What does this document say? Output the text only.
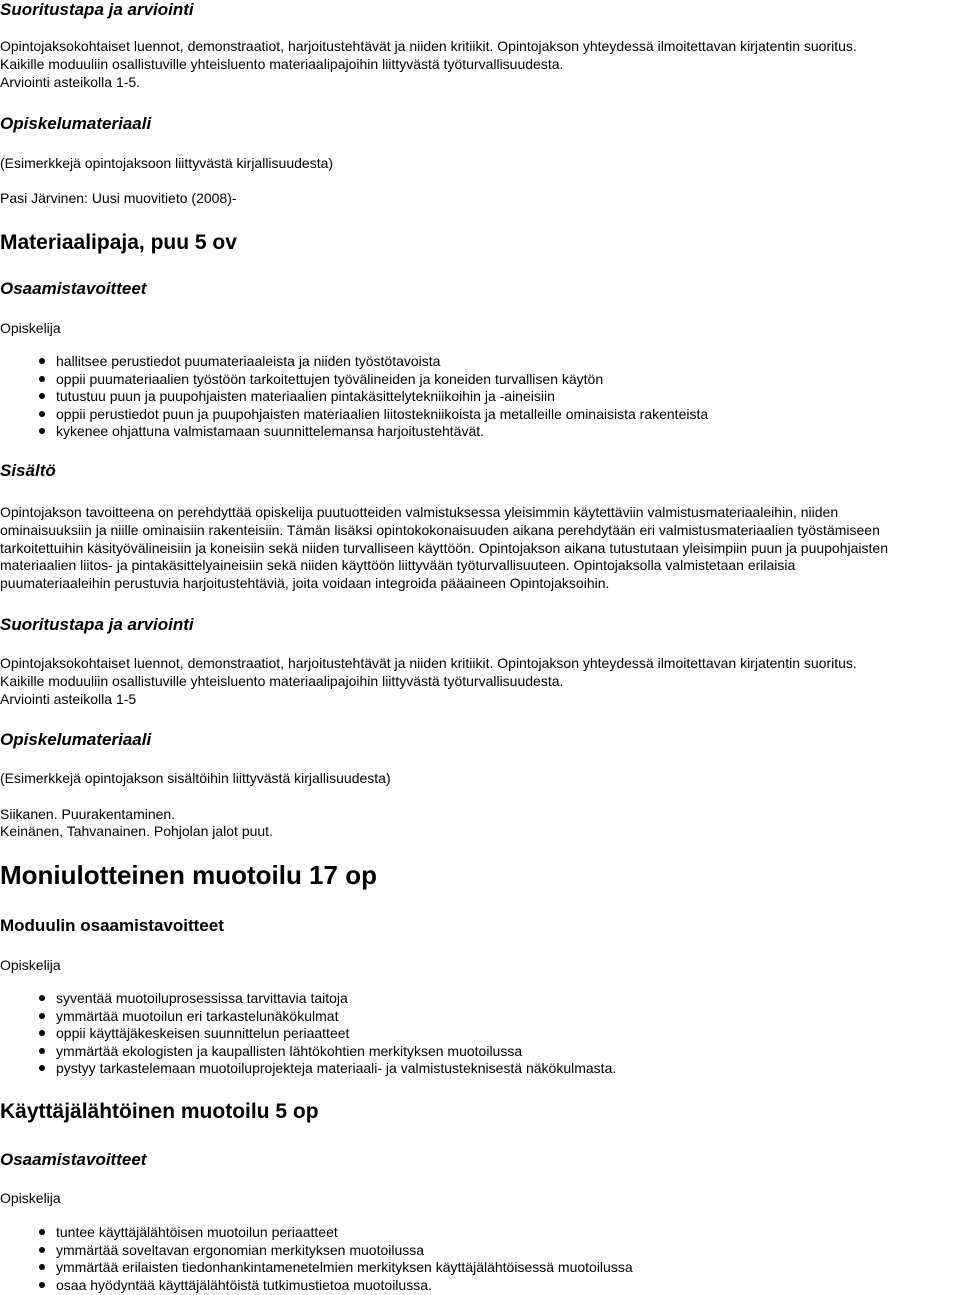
Suoritustapa ja arviointi
Opintojaksokohtaiset luennot, demonstraatiot, harjoitustehtävät ja niiden kritiikit. Opintojakson yhteydessä ilmoitettavan kirjatentin suoritus.
Kaikille moduuliin osallistuville yhteisluento materiaalipajoihin liittyvästä työturvallisuudesta.
Arviointi asteikolla 1-5.
Opiskelumateriaali
(Esimerkkejä opintojaksoon liittyvästä kirjallisuudesta)
Pasi Järvinen: Uusi muovitieto (2008)-
Materiaalipaja, puu 5 ov
Osaamistavoitteet
Opiskelija
hallitsee perustiedot puumateriaaleista ja niiden työstötavoista
oppii puumateriaalien työstöön tarkoitettujen työvälineiden ja koneiden turvallisen käytön
tutustuu puun ja puupohjaisten materiaalien pintakäsittelytekniikoihin ja -aineisiin
oppii perustiedot puun ja puupohjaisten materiaalien liitostekniikoista ja metalleille ominaisista rakenteista
kykenee ohjattuna valmistamaan suunnittelemansa harjoitustehtävät.
Sisältö
Opintojakson tavoitteena on perehdyttää opiskelija puutuotteiden valmistuksessa yleisimmin käytettäviin valmistusmateriaaleihin, niiden
ominaisuuksiin ja niille ominaisiin rakenteisiin. Tämän lisäksi opintokokonaisuuden aikana perehdytään eri valmistusmateriaalien työstämiseen
tarkoitettuihin käsityövälineisiin ja koneisiin sekä niiden turvalliseen käyttöön. Opintojakson aikana tutustutaan yleisimpiin puun ja puupohjaisten
materiaalien liitos- ja pintakäsittelyaineisiin sekä niiden käyttöön liittyvään työturvallisuuteen. Opintojaksolla valmistetaan erilaisia
puumateriaaleihin perustuvia harjoitustehtäviä, joita voidaan integroida pääaineen Opintojaksoihin.
Suoritustapa ja arviointi
Opintojaksokohtaiset luennot, demonstraatiot, harjoitustehtävät ja niiden kritiikit. Opintojakson yhteydessä ilmoitettavan kirjatentin suoritus.
Kaikille moduuliin osallistuville yhteisluento materiaalipajoihin liittyvästä työturvallisuudesta.
Arviointi asteikolla 1-5
Opiskelumateriaali
(Esimerkkejä opintojakson sisältöihin liittyvästä kirjallisuudesta)
Siikanen. Puurakentaminen.
Keinänen, Tahvanainen. Pohjolan jalot puut.
Moniulotteinen muotoilu 17 op
Moduulin osaamistavoitteet
Opiskelija
syventää muotoiluprosessissa tarvittavia taitoja
ymmärtää muotoilun eri tarkastelunäkökulmat
oppii käyttäjäkeskeisen suunnittelun periaatteet
ymmärtää ekologisten ja kaupallisten lähtökohtien merkityksen muotoilussa
pystyy tarkastelemaan muotoiluprojekteja materiaali- ja valmistusteknisestä näkökulmasta.
Käyttäjälähtöinen muotoilu 5 op
Osaamistavoitteet
Opiskelija
tuntee käyttäjälähtöisen muotoilun periaatteet
ymmärtää soveltavan ergonomian merkityksen muotoilussa
ymmärtää erilaisten tiedonhankintamenetelmien merkityksen käyttäjälähtöisessä muotoilussa
osaa hyödyntää käyttäjälähtöistä tutkimustietoa muotoilussa.
